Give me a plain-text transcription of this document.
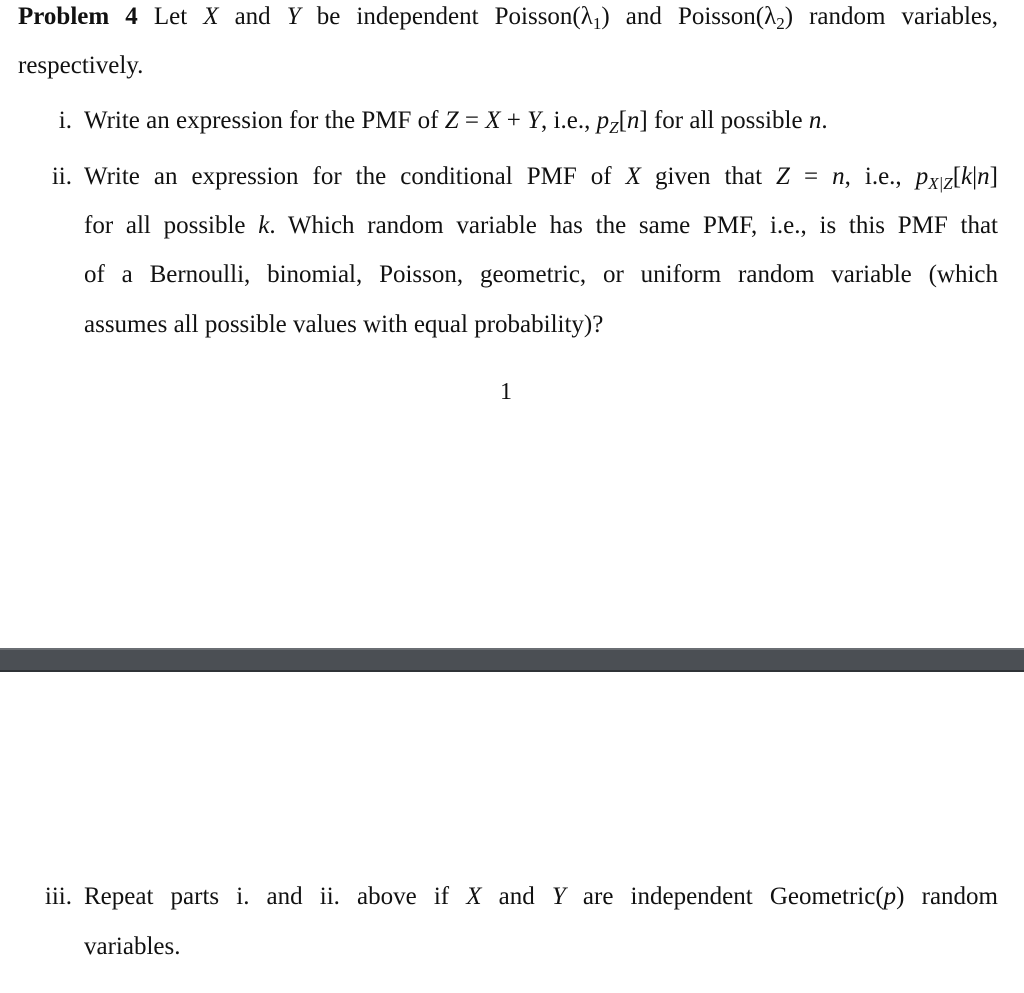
Problem 4 Let X and Y be independent $Poisson(\lambda_1)$ and $Poisson(\lambda_2)$ random variables,
respectively.
i. Write an expression for the PMF of Z = X + Y, i.e., $p_Z[n]$ for all possible n.
ii. Write an expression for the conditional PMF of X given that Z = n, i.e., $p_{X|Z}[k|n]$
for all possible k. Which random variable has the same PMF, i.e., is this PMF that
of a Bernoulli, binomial, Poisson, geometric, or uniform random variable (which
assumes all possible values with equal probability)?
1
iii. Repeat parts i. and ii. above if X and Y are independent Geometric(p) random
variables.
